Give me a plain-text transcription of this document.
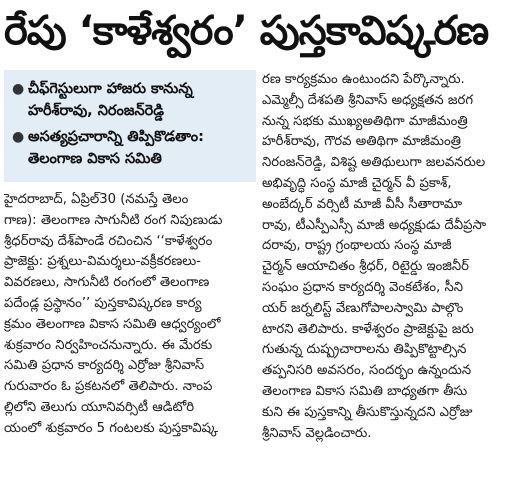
రేపు ‘కాళేశ్వరం’ పుస్తకావిష్కరణ
● చీఫ్‌గెస్టులుగా హాజరు కానున్న
హరీశ్‌రావు, నిరంజన్‌రెడ్డి
● అసత్యప్రచారాన్ని తిప్పికొడతాం:
తెలంగాణ వికాస సమితి
హైదరాబాద్, ఏప్రిల్30 (నమస్తే తెలం
గాణ): తెలంగాణ సాగునీటి రంగ నిపుణుడు
శ్రీధర్‌రావు దేశ్‌పాండే రచించిన ‘‘కాళేశ్వరం
ప్రాజెక్టు: ప్రశ్నలు-విమర్శలు-వక్రీకరణలు-
వివరణలు, సాగునీటి రంగంలో తెలంగాణ
పదేండ్ల ప్రస్థానం’’ పుస్తకావిష్కరణ కార్య
క్రమం తెలంగాణ వికాస సమితి ఆధ్వర్యంలో
శుక్రవారం నిర్వహించనున్నారు. ఈ మేరకు
సమితి ప్రధాన కార్యదర్శి ఎర్రోజు శ్రీనివాస్
గురువారం ఓ ప్రకటనలో తెలిపారు. నాంప
ల్లిలోని తెలుగు యూనివర్సిటీ ఆడిటోరి
యంలో శుక్రవారం 5 గంటలకు పుస్తకావిష్క
రణ కార్యక్రమం ఉంటుందని పేర్కొన్నారు.
ఎమ్మెల్సీ దేశపతి శ్రీనివాస్ అధ్యక్షతన జరగ
నున్న సభకు ముఖ్యఅతిథిగా మాజీమంత్రి
హరీశ్‌రావు, గౌరవ అతిథిగా మాజీమంత్రి
నిరంజన్‌రెడ్డి, విశిష్ట అతిథులుగా జలవనరుల
అభివృద్ధి సంస్థ మాజీ చైర్మన్ వీ ప్రకాశ్,
అంబేద్కర్ వర్సిటీ మాజీ వీసీ సీతారామా
రావు, టీఎస్పీఎస్సీ మాజీ అధ్యక్షుడు దేవీప్రసా
దరావు, రాష్ట్ర గ్రంథాలయ సంస్థ మాజీ
చైర్మన్ ఆయాచితం శ్రీధర్, రిటైర్డు ఇంజినీర్
సంఘం ప్రధాన కార్యదర్శి వెంకటేశం, సీని
యర్ జర్నలిస్ట్ వేణుగోపాలస్వామి పాల్గొం
టారని తెలిపారు. కాళేశ్వరం ప్రాజెక్టుపై జరు
గుతున్న దుష్ప్రచారాలను తిప్పికొట్టాల్సిన
తప్పనిసరి అవసరం, సందర్భం ఉన్నందున
తెలంగాణ వికాస సమితి బాధ్యతగా తీసు
కుని ఈ పుస్తకాన్ని తీసుకొస్తున్నదని ఎర్రోజు
శ్రీనివాస్ వెల్లడించారు.
